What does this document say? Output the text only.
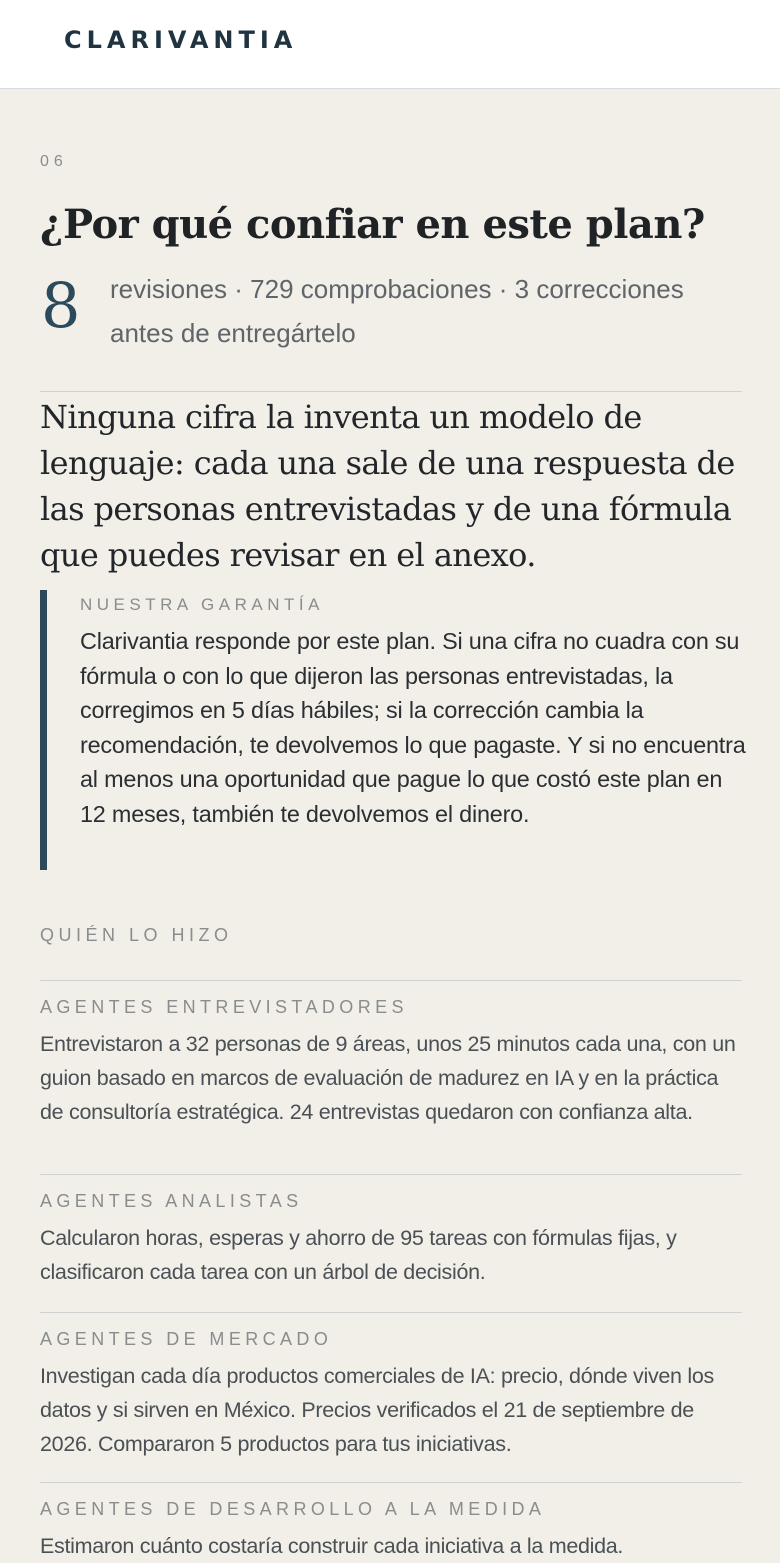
CLARIVANTIA
06
¿Por qué confiar en este plan?
8 revisiones · 729 comprobaciones · 3 correcciones antes de entregártelo

Ninguna cifra la inventa un modelo de lenguaje: cada una sale de una respuesta de las personas entrevistadas y de una fórmula que puedes revisar en el anexo.

NUESTRA GARANTÍA

Clarivantia responde por este plan. Si una cifra no cuadra con su fórmula o con lo que dijeron las personas entrevistadas, la corregimos en 5 días hábiles; si la corrección cambia la recomendación, te devolvemos lo que pagaste. Y si no encuentra al menos una oportunidad que pague lo que costó este plan en 12 meses, también te devolvemos el dinero.

QUIÉN LO HIZO
AGENTES ENTREVISTADORES

Entrevistaron a 32 personas de 9 áreas, unos 25 minutos cada una, con un guion basado en marcos de evaluación de madurez en IA y en la práctica de consultoría estratégica. 24 entrevistas quedaron con confianza alta.

AGENTES ANALISTAS

Calcularon horas, esperas y ahorro de 95 tareas con fórmulas fijas, y clasificaron cada tarea con un árbol de decisión.

AGENTES DE MERCADO

Investigan cada día productos comerciales de IA: precio, dónde viven los datos y si sirven en México. Precios verificados el 21 de septiembre de 2026. Compararon 5 productos para tus iniciativas.

AGENTES DE DESARROLLO A LA MEDIDA

Estimaron cuánto costaría construir cada iniciativa a la medida.
